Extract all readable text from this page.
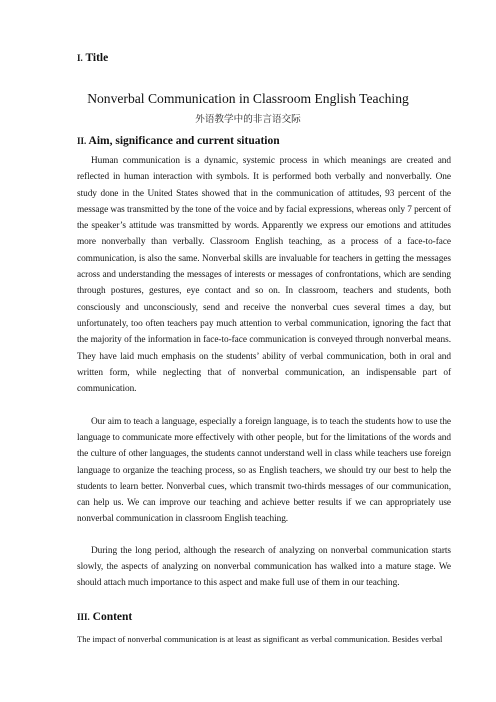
I. Title
Nonverbal Communication in Classroom English Teaching
外语教学中的非言语交际
II. Aim, significance and current situation

Human communication is a dynamic, systemic process in which meanings are created and reflected in human interaction with symbols. It is performed both verbally and nonverbally. One study done in the United States showed that in the communication of attitudes, 93 percent of the message was transmitted by the tone of the voice and by facial expressions, whereas only 7 percent of the speaker’s attitude was transmitted by words. Apparently we express our emotions and attitudes more nonverbally than verbally. Classroom English teaching, as a process of a face-to-face communication, is also the same. Nonverbal skills are invaluable for teachers in getting the messages across and understanding the messages of interests or messages of confrontations, which are sending through postures, gestures, eye contact and so on. In classroom, teachers and students, both consciously and unconsciously, send and receive the nonverbal cues several times a day, but unfortunately, too often teachers pay much attention to verbal communication, ignoring the fact that the majority of the information in face-to-face communication is conveyed through nonverbal means. They have laid much emphasis on the students’ ability of verbal communication, both in oral and written form, while neglecting that of nonverbal communication, an indispensable part of communication.

Our aim to teach a language, especially a foreign language, is to teach the students how to use the language to communicate more effectively with other people, but for the limitations of the words and the culture of other languages, the students cannot understand well in class while teachers use foreign language to organize the teaching process, so as English teachers, we should try our best to help the students to learn better. Nonverbal cues, which transmit two-thirds messages of our communication, can help us. We can improve our teaching and achieve better results if we can appropriately use nonverbal communication in classroom English teaching.

During the long period, although the research of analyzing on nonverbal communication starts slowly, the aspects of analyzing on nonverbal communication has walked into a mature stage. We should attach much importance to this aspect and make full use of them in our teaching.

III. Content

The impact of nonverbal communication is at least as significant as verbal communication. Besides verbal
